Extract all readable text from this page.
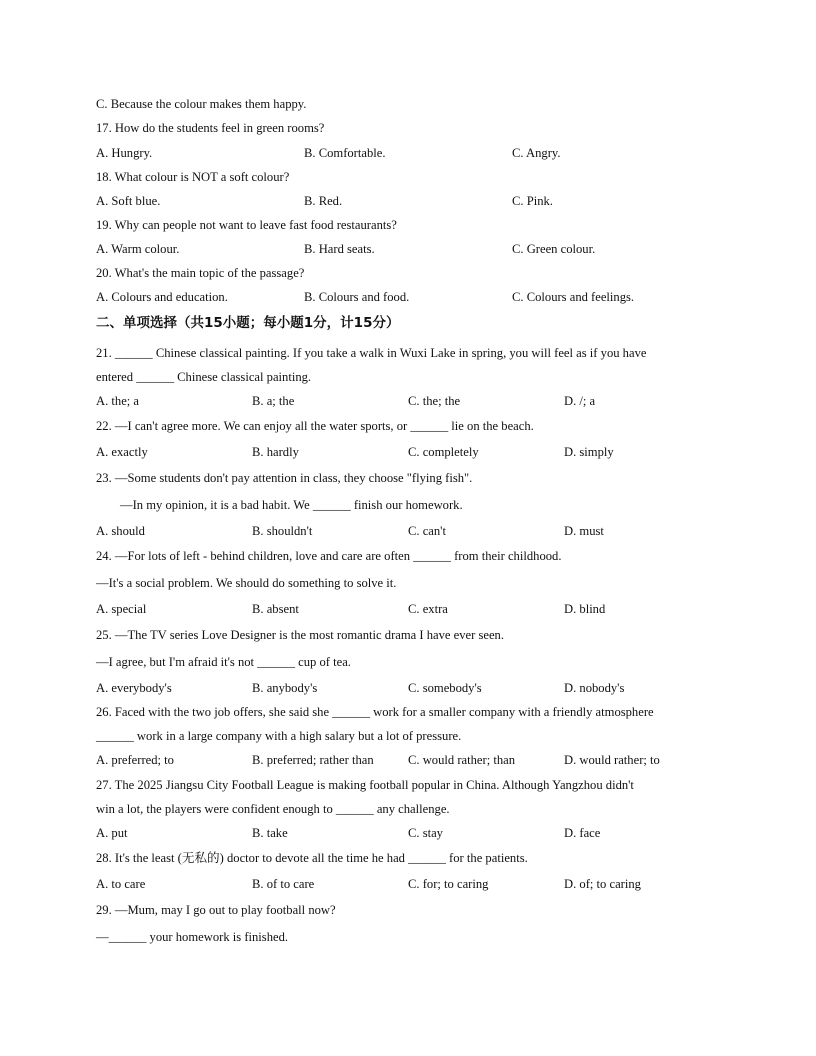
C. Because the colour makes them happy.
17. How do the students feel in green rooms?
A. Hungry.	B. Comfortable.	C. Angry.
18. What colour is NOT a soft colour?
A. Soft blue.	B. Red.	C. Pink.
19. Why can people not want to leave fast food restaurants?
A. Warm colour.	B. Hard seats.	C. Green colour.
20. What's the main topic of the passage?
A. Colours and education.	B. Colours and food.	C. Colours and feelings.
二、单项选择（共15小题；每小题1分，计15分）
21. ______ Chinese classical painting. If you take a walk in Wuxi Lake in spring, you will feel as if you have
entered ______ Chinese classical painting.
A. the; a	B. a; the	C. the; the	D. /; a
22. —I can't agree more. We can enjoy all the water sports, or ______ lie on the beach.
A. exactly	B. hardly	C. completely	D. simply
23. —Some students don't pay attention in class, they choose "flying fish".
—In my opinion, it is a bad habit. We ______ finish our homework.
A. should	B. shouldn't	C. can't	D. must
24. —For lots of left - behind children, love and care are often ______ from their childhood.
—It's a social problem. We should do something to solve it.
A. special	B. absent	C. extra	D. blind
25. —The TV series Love Designer is the most romantic drama I have ever seen.
—I agree, but I'm afraid it's not ______ cup of tea.
A. everybody's	B. anybody's	C. somebody's	D. nobody's
26. Faced with the two job offers, she said she ______ work for a smaller company with a friendly atmosphere
______ work in a large company with a high salary but a lot of pressure.
A. preferred; to	B. preferred; rather than	C. would rather; than	D. would rather; to
27. The 2025 Jiangsu City Football League is making football popular in China. Although Yangzhou didn't
win a lot, the players were confident enough to ______ any challenge.
A. put	B. take	C. stay	D. face
28. It's the least (无私的) doctor to devote all the time he had ______ for the patients.
A. to care	B. of to care	C. for; to caring	D. of; to caring
29. —Mum, may I go out to play football now?
—______ your homework is finished.
